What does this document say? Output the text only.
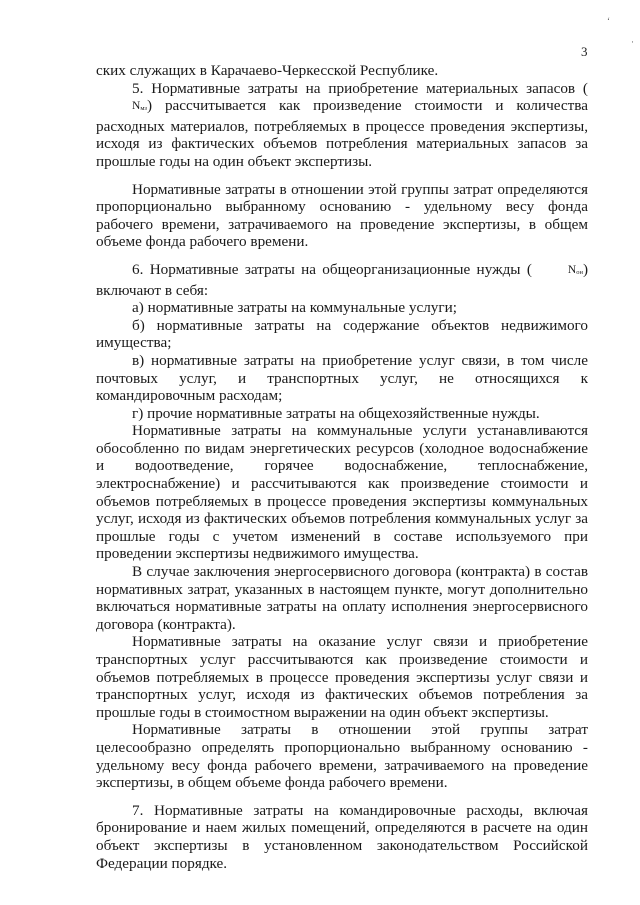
ʻ
·
3

ских служащих в Карачаево-Черкесской Республике.

5. Нормативные затраты на приобретение материальных запасов $(N_{мз})$ рассчитывается как произведение стоимости и количества расходных материалов, потребляемых в процессе проведения экспертизы, исходя из фактических объемов потребления материальных запасов за прошлые годы на один объект экспертизы.

Нормативные затраты в отношении этой группы затрат определяются пропорционально выбранному основанию - удельному весу фонда рабочего времени, затрачиваемого на проведение экспертизы, в общем объеме фонда рабочего времени.

6. Нормативные затраты на общеорганизационные нужды (	$N_{он}$) включают в себя:

а) нормативные затраты на коммунальные услуги;

б) нормативные затраты на содержание объектов недвижимого имущества;

в) нормативные затраты на приобретение услуг связи, в том числе почтовых услуг, и транспортных услуг, не относящихся к командировочным расходам;

г) прочие нормативные затраты на общехозяйственные нужды.

Нормативные затраты на коммунальные услуги устанавливаются обособленно по видам энергетических ресурсов (холодное водоснабжение и водоотведение, горячее водоснабжение, теплоснабжение, электроснабжение) и рассчитываются как произведение стоимости и объемов потребляемых в процессе проведения экспертизы коммунальных услуг, исходя из фактических объемов потребления коммунальных услуг за прошлые годы с учетом изменений в составе используемого при проведении экспертизы недвижимого имущества.

В случае заключения энергосервисного договора (контракта) в состав нормативных затрат, указанных в настоящем пункте, могут дополнительно включаться нормативные затраты на оплату исполнения энергосервисного договора (контракта).

Нормативные затраты на оказание услуг связи и приобретение транспортных услуг рассчитываются как произведение стоимости и объемов потребляемых в процессе проведения экспертизы услуг связи и транспортных услуг, исходя из фактических объемов потребления за прошлые годы в стоимостном выражении на один объект экспертизы.

Нормативные затраты в отношении этой группы затрат целесообразно определять пропорционально выбранному основанию - удельному весу фонда рабочего времени, затрачиваемого на проведение экспертизы, в общем объеме фонда рабочего времени.

7. Нормативные затраты на командировочные расходы, включая бронирование и наем жилых помещений, определяются в расчете на один объект экспертизы в установленном законодательством Российской Федерации порядке.
